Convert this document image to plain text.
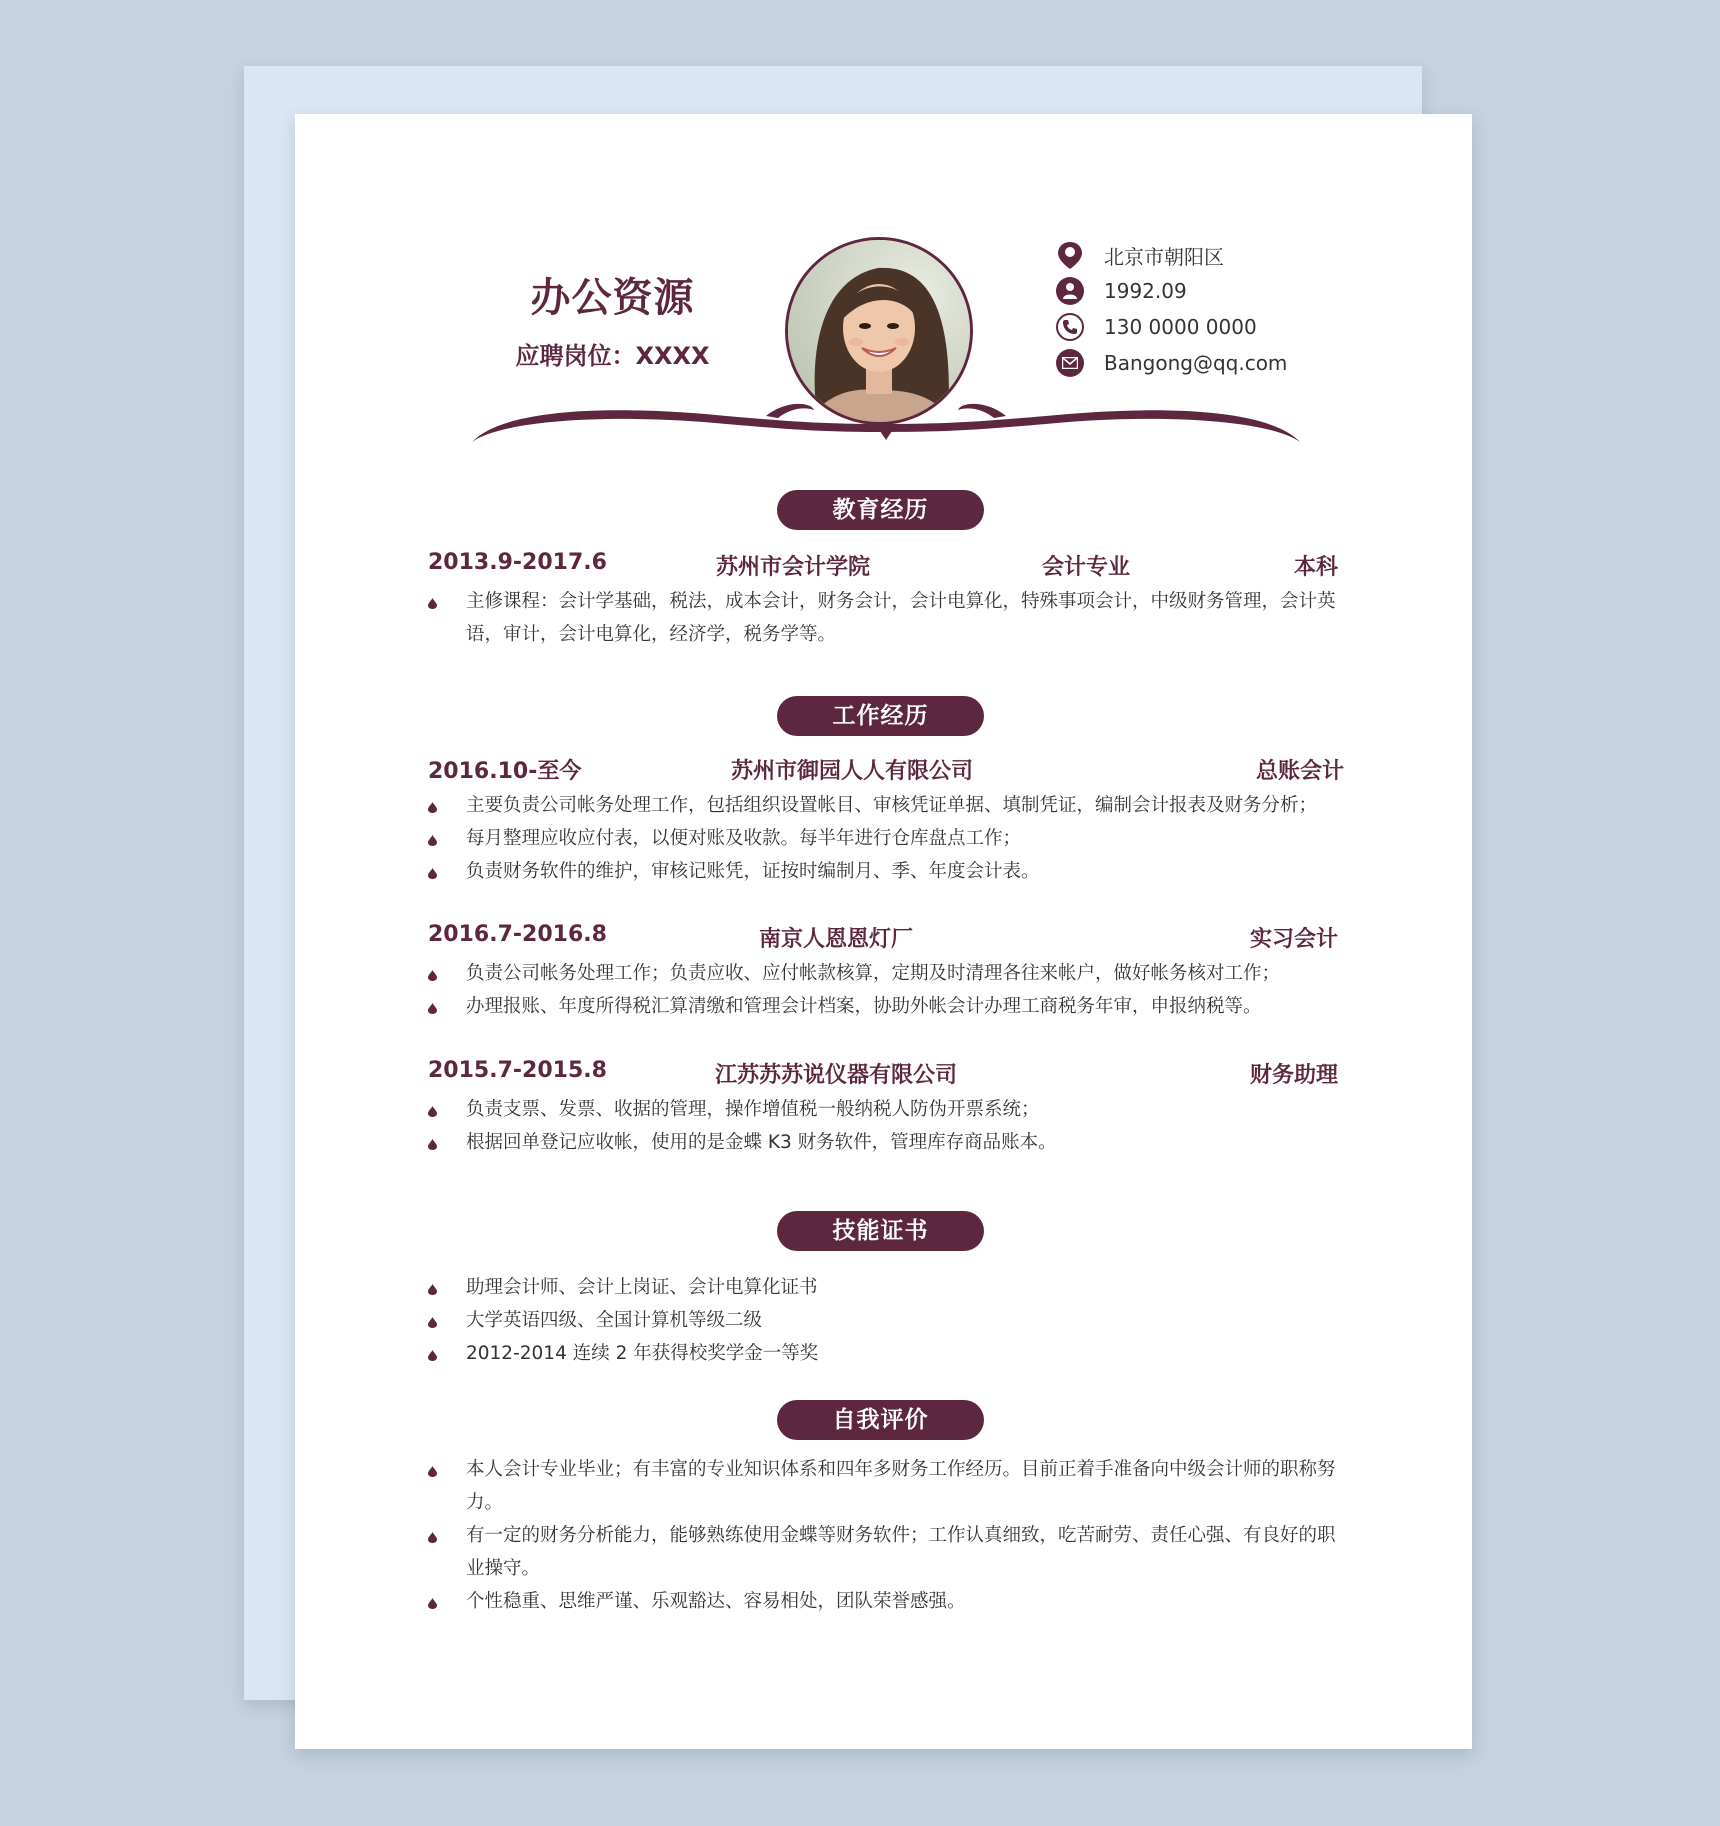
办公资源
应聘岗位：XXXX
北京市朝阳区
1992.09
130 0000 0000
Bangong@qq.com
教育经历
2013.9-2017.6	苏州市会计学院	会计专业	本科
主修课程：会计学基础，税法，成本会计，财务会计，会计电算化，特殊事项会计，中级财务管理，会计英语，审计，会计电算化，经济学，税务学等。
工作经历
2016.10-至今	苏州市御园人人有限公司	总账会计
主要负责公司帐务处理工作，包括组织设置帐目、审核凭证单据、填制凭证，编制会计报表及财务分析；
每月整理应收应付表，以便对账及收款。每半年进行仓库盘点工作；
负责财务软件的维护，审核记账凭，证按时编制月、季、年度会计表。
2016.7-2016.8	南京人恩恩灯厂	实习会计
负责公司帐务处理工作；负责应收、应付帐款核算，定期及时清理各往来帐户，做好帐务核对工作；
办理报账、年度所得税汇算清缴和管理会计档案，协助外帐会计办理工商税务年审，申报纳税等。
2015.7-2015.8	江苏苏苏说仪器有限公司	财务助理
负责支票、发票、收据的管理，操作增值税一般纳税人防伪开票系统；
根据回单登记应收帐，使用的是金蝶 K3 财务软件，管理库存商品账本。
技能证书
助理会计师、会计上岗证、会计电算化证书
大学英语四级、全国计算机等级二级
2012-2014 连续 2 年获得校奖学金一等奖
自我评价
本人会计专业毕业；有丰富的专业知识体系和四年多财务工作经历。目前正着手准备向中级会计师的职称努力。
有一定的财务分析能力，能够熟练使用金蝶等财务软件；工作认真细致，吃苦耐劳、责任心强、有良好的职业操守。
个性稳重、思维严谨、乐观豁达、容易相处，团队荣誉感强。
